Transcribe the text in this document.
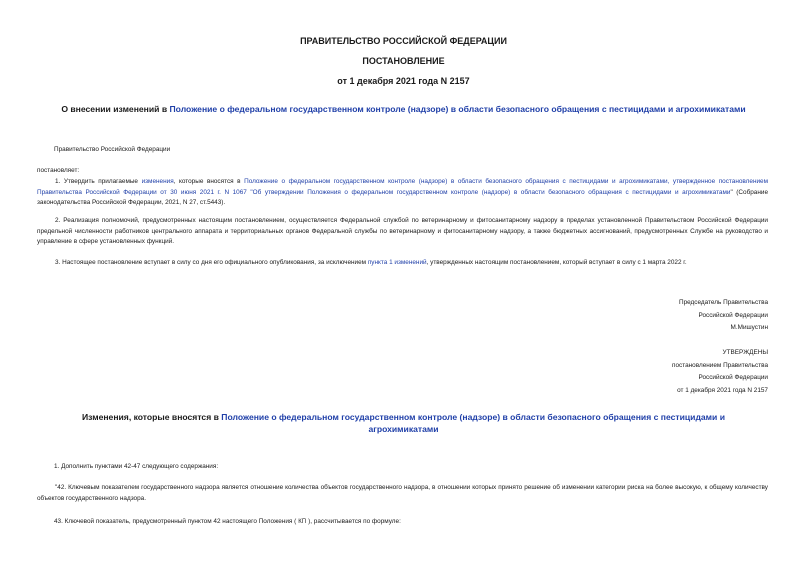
ПРАВИТЕЛЬСТВО РОССИЙСКОЙ ФЕДЕРАЦИИ
ПОСТАНОВЛЕНИЕ
от 1 декабря 2021 года N 2157
О внесении изменений в Положение о федеральном государственном контроле (надзоре) в области безопасного обращения с пестицидами и агрохимикатами
Правительство Российской Федерации
постановляет:
1. Утвердить прилагаемые изменения, которые вносятся в Положение о федеральном государственном контроле (надзоре) в области безопасного обращения с пестицидами и агрохимикатами, утвержденное постановлением Правительства Российской Федерации от 30 июня 2021 г. N 1067 "Об утверждении Положения о федеральном государственном контроле (надзоре) в области безопасного обращения с пестицидами и агрохимикатами" (Собрание законодательства Российской Федерации, 2021, N 27, ст.5443).
2. Реализация полномочий, предусмотренных настоящим постановлением, осуществляется Федеральной службой по ветеринарному и фитосанитарному надзору в пределах установленной Правительством Российской Федерации предельной численности работников центрального аппарата и территориальных органов Федеральной службы по ветеринарному и фитосанитарному надзору, а также бюджетных ассигнований, предусмотренных Службе на руководство и управление в сфере установленных функций.
3. Настоящее постановление вступает в силу со дня его официального опубликования, за исключением пункта 1 изменений, утвержденных настоящим постановлением, который вступает в силу с 1 марта 2022 г.
Председатель Правительства
Российской Федерации
М.Мишустин
УТВЕРЖДЕНЫ
постановлением Правительства
Российской Федерации
от 1 декабря 2021 года N 2157
Изменения, которые вносятся в Положение о федеральном государственном контроле (надзоре) в области безопасного обращения с пестицидами и агрохимикатами
1. Дополнить пунктами 42-47 следующего содержания:
"42. Ключевым показателем государственного надзора является отношение количества объектов государственного надзора, в отношении которых принято решение об изменении категории риска на более высокую, к общему количеству объектов государственного надзора.
43. Ключевой показатель, предусмотренный пунктом 42 настоящего Положения ( КП ), рассчитывается по формуле:
